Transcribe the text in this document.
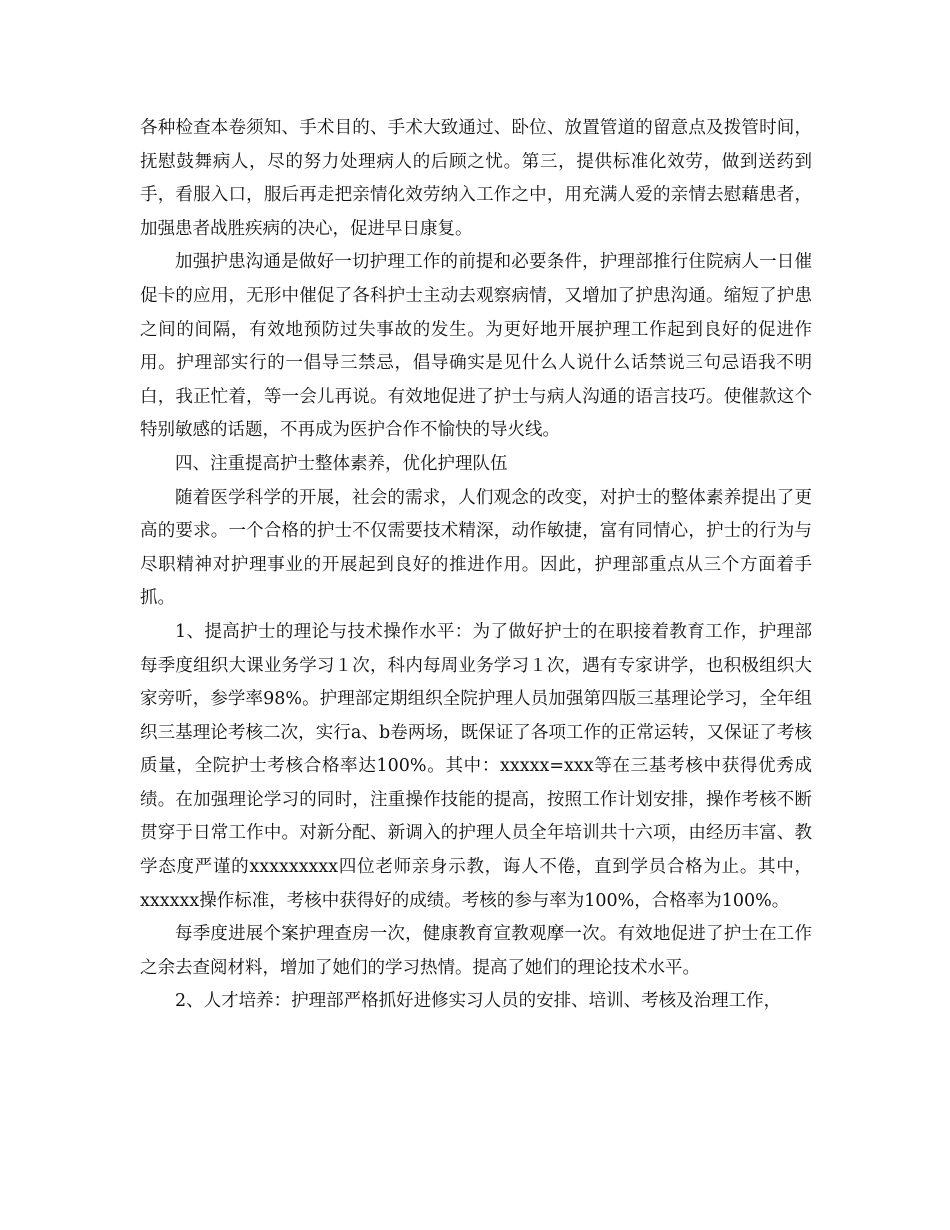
各种检查本卷须知、手术目的、手术大致通过、卧位、放置管道的留意点及拨管时间，抚慰鼓舞病人，尽的努力处理病人的后顾之忧。第三，提供标准化效劳，做到送药到手，看服入口，服后再走把亲情化效劳纳入工作之中，用充满人爱的亲情去慰藉患者，加强患者战胜疾病的决心，促进早日康复。

加强护患沟通是做好一切护理工作的前提和必要条件，护理部推行住院病人一日催促卡的应用，无形中催促了各科护士主动去观察病情，又增加了护患沟通。缩短了护患之间的间隔，有效地预防过失事故的发生。为更好地开展护理工作起到良好的促进作用。护理部实行的一倡导三禁忌，倡导确实是见什么人说什么话禁说三句忌语我不明白，我正忙着，等一会儿再说。有效地促进了护士与病人沟通的语言技巧。使催款这个特别敏感的话题，不再成为医护合作不愉快的导火线。

四、注重提高护士整体素养，优化护理队伍

随着医学科学的开展，社会的需求，人们观念的改变，对护士的整体素养提出了更高的要求。一个合格的护士不仅需要技术精深，动作敏捷，富有同情心，护士的行为与尽职精神对护理事业的开展起到良好的推进作用。因此，护理部重点从三个方面着手抓。

1、提高护士的理论与技术操作水平：为了做好护士的在职接着教育工作，护理部每季度组织大课业务学习１次，科内每周业务学习１次，遇有专家讲学，也积极组织大家旁听，参学率98%。护理部定期组织全院护理人员加强第四版三基理论学习，全年组织三基理论考核二次，实行a、b卷两场，既保证了各项工作的正常运转，又保证了考核质量，全院护士考核合格率达100%。其中：xxxxx=xxx等在三基考核中获得优秀成绩。在加强理论学习的同时，注重操作技能的提高，按照工作计划安排，操作考核不断贯穿于日常工作中。对新分配、新调入的护理人员全年培训共十六项，由经历丰富、教学态度严谨的xxxxxxxxx四位老师亲身示教，诲人不倦，直到学员合格为止。其中，xxxxxx操作标准，考核中获得好的成绩。考核的参与率为100%，合格率为100%。

每季度进展个案护理查房一次，健康教育宣教观摩一次。有效地促进了护士在工作之余去查阅材料，增加了她们的学习热情。提高了她们的理论技术水平。

2、人才培养：护理部严格抓好进修实习人员的安排、培训、考核及治理工作，
